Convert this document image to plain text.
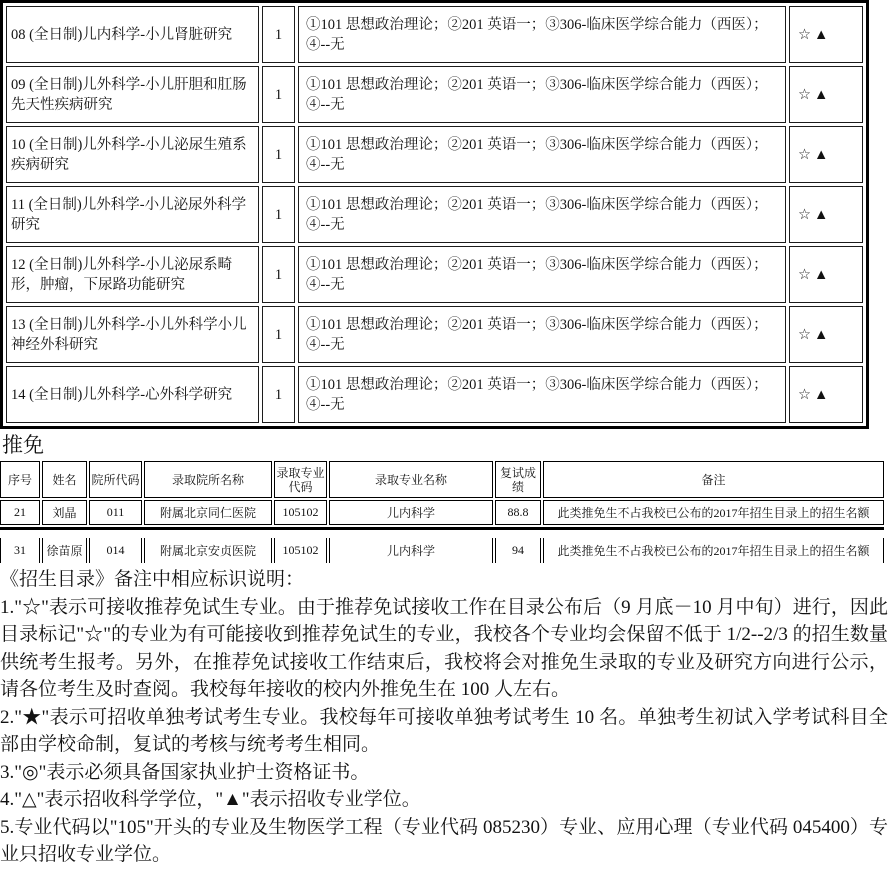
08 (全日制)儿内科学-小儿肾脏研究	1	①101 思想政治理论；②201 英语一；③306-临床医学综合能力（西医）；④--无	☆▲
09 (全日制)儿外科学-小儿肝胆和肛肠先天性疾病研究	1	①101 思想政治理论；②201 英语一；③306-临床医学综合能力（西医）；④--无	☆▲
10 (全日制)儿外科学-小儿泌尿生殖系疾病研究	1	①101 思想政治理论；②201 英语一；③306-临床医学综合能力（西医）；④--无	☆▲
11 (全日制)儿外科学-小儿泌尿外科学研究	1	①101 思想政治理论；②201 英语一；③306-临床医学综合能力（西医）；④--无	☆▲
12 (全日制)儿外科学-小儿泌尿系畸形，肿瘤，下尿路功能研究	1	①101 思想政治理论；②201 英语一；③306-临床医学综合能力（西医）；④--无	☆▲
13 (全日制)儿外科学-小儿外科学小儿神经外科研究	1	①101 思想政治理论；②201 英语一；③306-临床医学综合能力（西医）；④--无	☆▲
14 (全日制)儿外科学-心外科学研究	1	①101 思想政治理论；②201 英语一；③306-临床医学综合能力（西医）；④--无	☆▲
推免
序号	姓名	院所代码	录取院所名称	录取专业代码	录取专业名称	复试成绩	备注
21	刘晶	011	附属北京同仁医院	105102	儿内科学	88.8	此类推免生不占我校已公布的2017年招生目录上的招生名额
31	徐苗原	014	附属北京安贞医院	105102	儿内科学	94	此类推免生不占我校已公布的2017年招生目录上的招生名额

《招生目录》备注中相应标识说明：

1."☆"表示可接收推荐免试生专业。由于推荐免试接收工作在目录公布后（9 月底－10 月中旬）进行，因此目录标记"☆"的专业为有可能接收到推荐免试生的专业，我校各个专业均会保留不低于 1/2--2/3 的招生数量供统考生报考。另外，在推荐免试接收工作结束后，我校将会对推免生录取的专业及研究方向进行公示，请各位考生及时查阅。我校每年接收的校内外推免生在 100 人左右。

2."★"表示可招收单独考试考生专业。我校每年可接收单独考试考生 10 名。单独考生初试入学考试科目全部由学校命制，复试的考核与统考考生相同。

3."◎"表示必须具备国家执业护士资格证书。

4."△"表示招收科学学位，"▲"表示招收专业学位。

5.专业代码以"105"开头的专业及生物医学工程（专业代码 085230）专业、应用心理（专业代码 045400）专业只招收专业学位。
